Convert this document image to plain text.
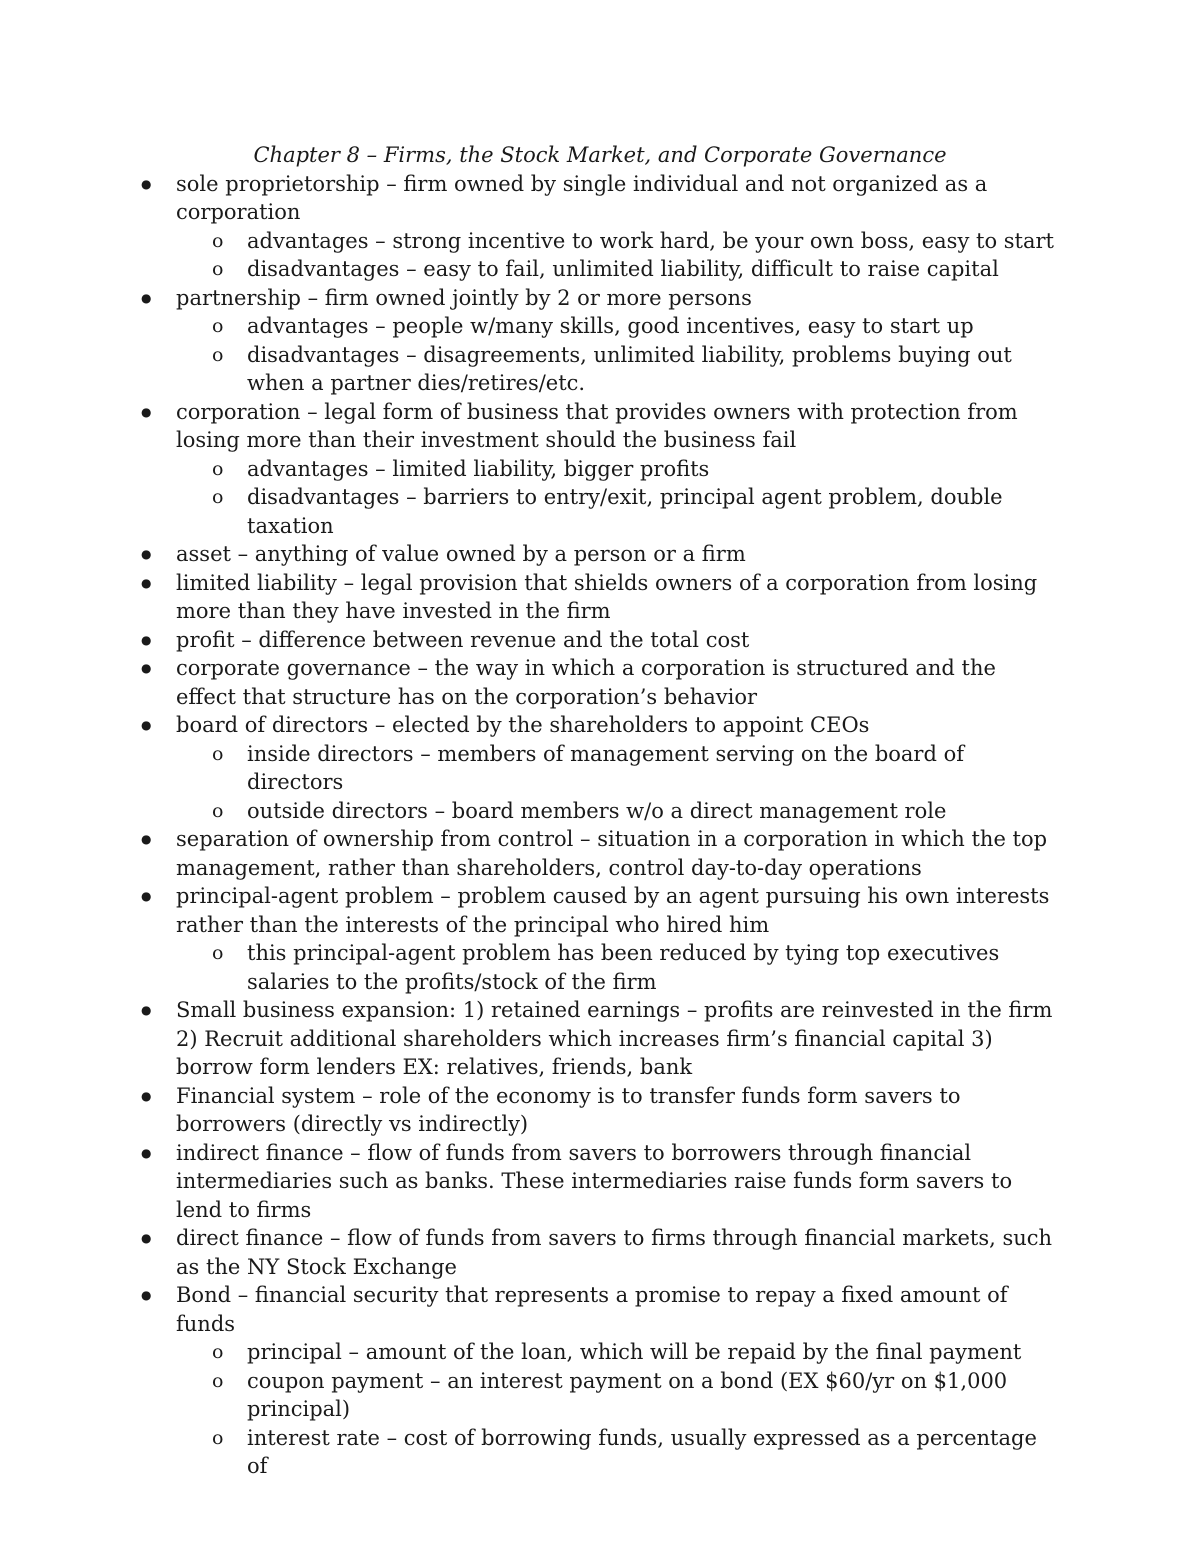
Chapter 8 – Firms, the Stock Market, and Corporate Governance
● sole proprietorship – firm owned by single individual and not organized as a corporation
o advantages – strong incentive to work hard, be your own boss, easy to start
o disadvantages – easy to fail, unlimited liability, difficult to raise capital
● partnership – firm owned jointly by 2 or more persons
o advantages – people w/many skills, good incentives, easy to start up
o disadvantages – disagreements, unlimited liability, problems buying out when a partner dies/retires/etc.
● corporation – legal form of business that provides owners with protection from losing more than their investment should the business fail
o advantages – limited liability, bigger profits
o disadvantages – barriers to entry/exit, principal agent problem, double taxation
● asset – anything of value owned by a person or a firm
● limited liability – legal provision that shields owners of a corporation from losing more than they have invested in the firm
● profit – difference between revenue and the total cost
● corporate governance – the way in which a corporation is structured and the effect that structure has on the corporation’s behavior
● board of directors – elected by the shareholders to appoint CEOs
o inside directors – members of management serving on the board of directors
o outside directors – board members w/o a direct management role
● separation of ownership from control – situation in a corporation in which the top management, rather than shareholders, control day-to-day operations
● principal-agent problem – problem caused by an agent pursuing his own interests rather than the interests of the principal who hired him
o this principal-agent problem has been reduced by tying top executives salaries to the profits/stock of the firm
● Small business expansion: 1) retained earnings – profits are reinvested in the firm 2) Recruit additional shareholders which increases firm’s financial capital 3) borrow form lenders EX: relatives, friends, bank
● Financial system – role of the economy is to transfer funds form savers to borrowers (directly vs indirectly)
● indirect finance – flow of funds from savers to borrowers through financial intermediaries such as banks. These intermediaries raise funds form savers to lend to firms
● direct finance – flow of funds from savers to firms through financial markets, such as the NY Stock Exchange
● Bond – financial security that represents a promise to repay a fixed amount of funds
o principal – amount of the loan, which will be repaid by the final payment
o coupon payment – an interest payment on a bond (EX $60/yr on $1,000 principal)
o interest rate – cost of borrowing funds, usually expressed as a percentage of
